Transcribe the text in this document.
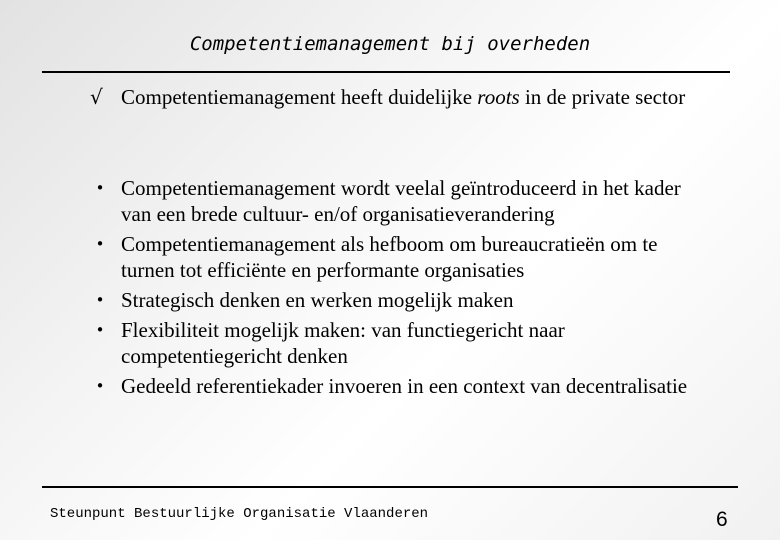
Competentiemanagement bij overheden
√ Competentiemanagement heeft duidelijke roots in de private sector
• Competentiemanagement wordt veelal geïntroduceerd in het kader van een brede cultuur- en/of organisatieverandering
• Competentiemanagement als hefboom om bureaucratieën om te turnen tot efficiënte en performante organisaties
• Strategisch denken en werken mogelijk maken
• Flexibiliteit mogelijk maken: van functiegericht naar competentiegericht denken
• Gedeeld referentiekader invoeren in een context van decentralisatie
Steunpunt Bestuurlijke Organisatie Vlaanderen	6
